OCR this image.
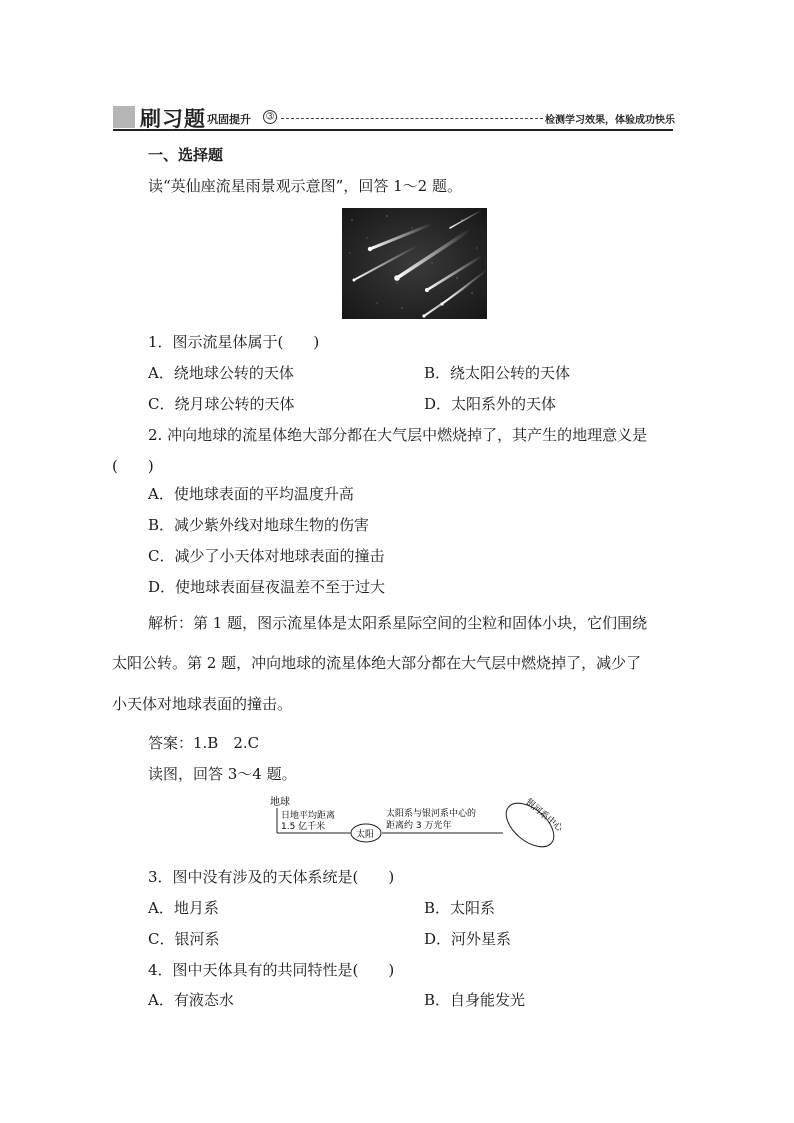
刷习题 巩固提升	➂	检测学习效果，体验成功快乐
一、选择题
读“英仙座流星雨景观示意图”，回答 1～2 题。
1．图示流星体属于(　　)
A．绕地球公转的天体	B．绕太阳公转的天体
C．绕月球公转的天体	D．太阳系外的天体
2. 冲向地球的流星体绝大部分都在大气层中燃烧掉了，其产生的地理意义是
(　　)
A．使地球表面的平均温度升高
B．减少紫外线对地球生物的伤害
C．减少了小天体对地球表面的撞击
D．使地球表面昼夜温差不至于过大
解析：第 1 题，图示流星体是太阳系星际空间的尘粒和固体小块，它们围绕
太阳公转。第 2 题，冲向地球的流星体绝大部分都在大气层中燃烧掉了，减少了
小天体对地球表面的撞击。
答案：1.B　2.C
读图，回答 3～4 题。
地球
日地平均距离
1.5 亿千米
太阳
太阳系与银河系中心的
距离约 3 万光年	银河系中心
3．图中没有涉及的天体系统是(　　)
A．地月系	B．太阳系
C．银河系	D．河外星系
4．图中天体具有的共同特性是(　　)
A．有液态水	B．自身能发光
